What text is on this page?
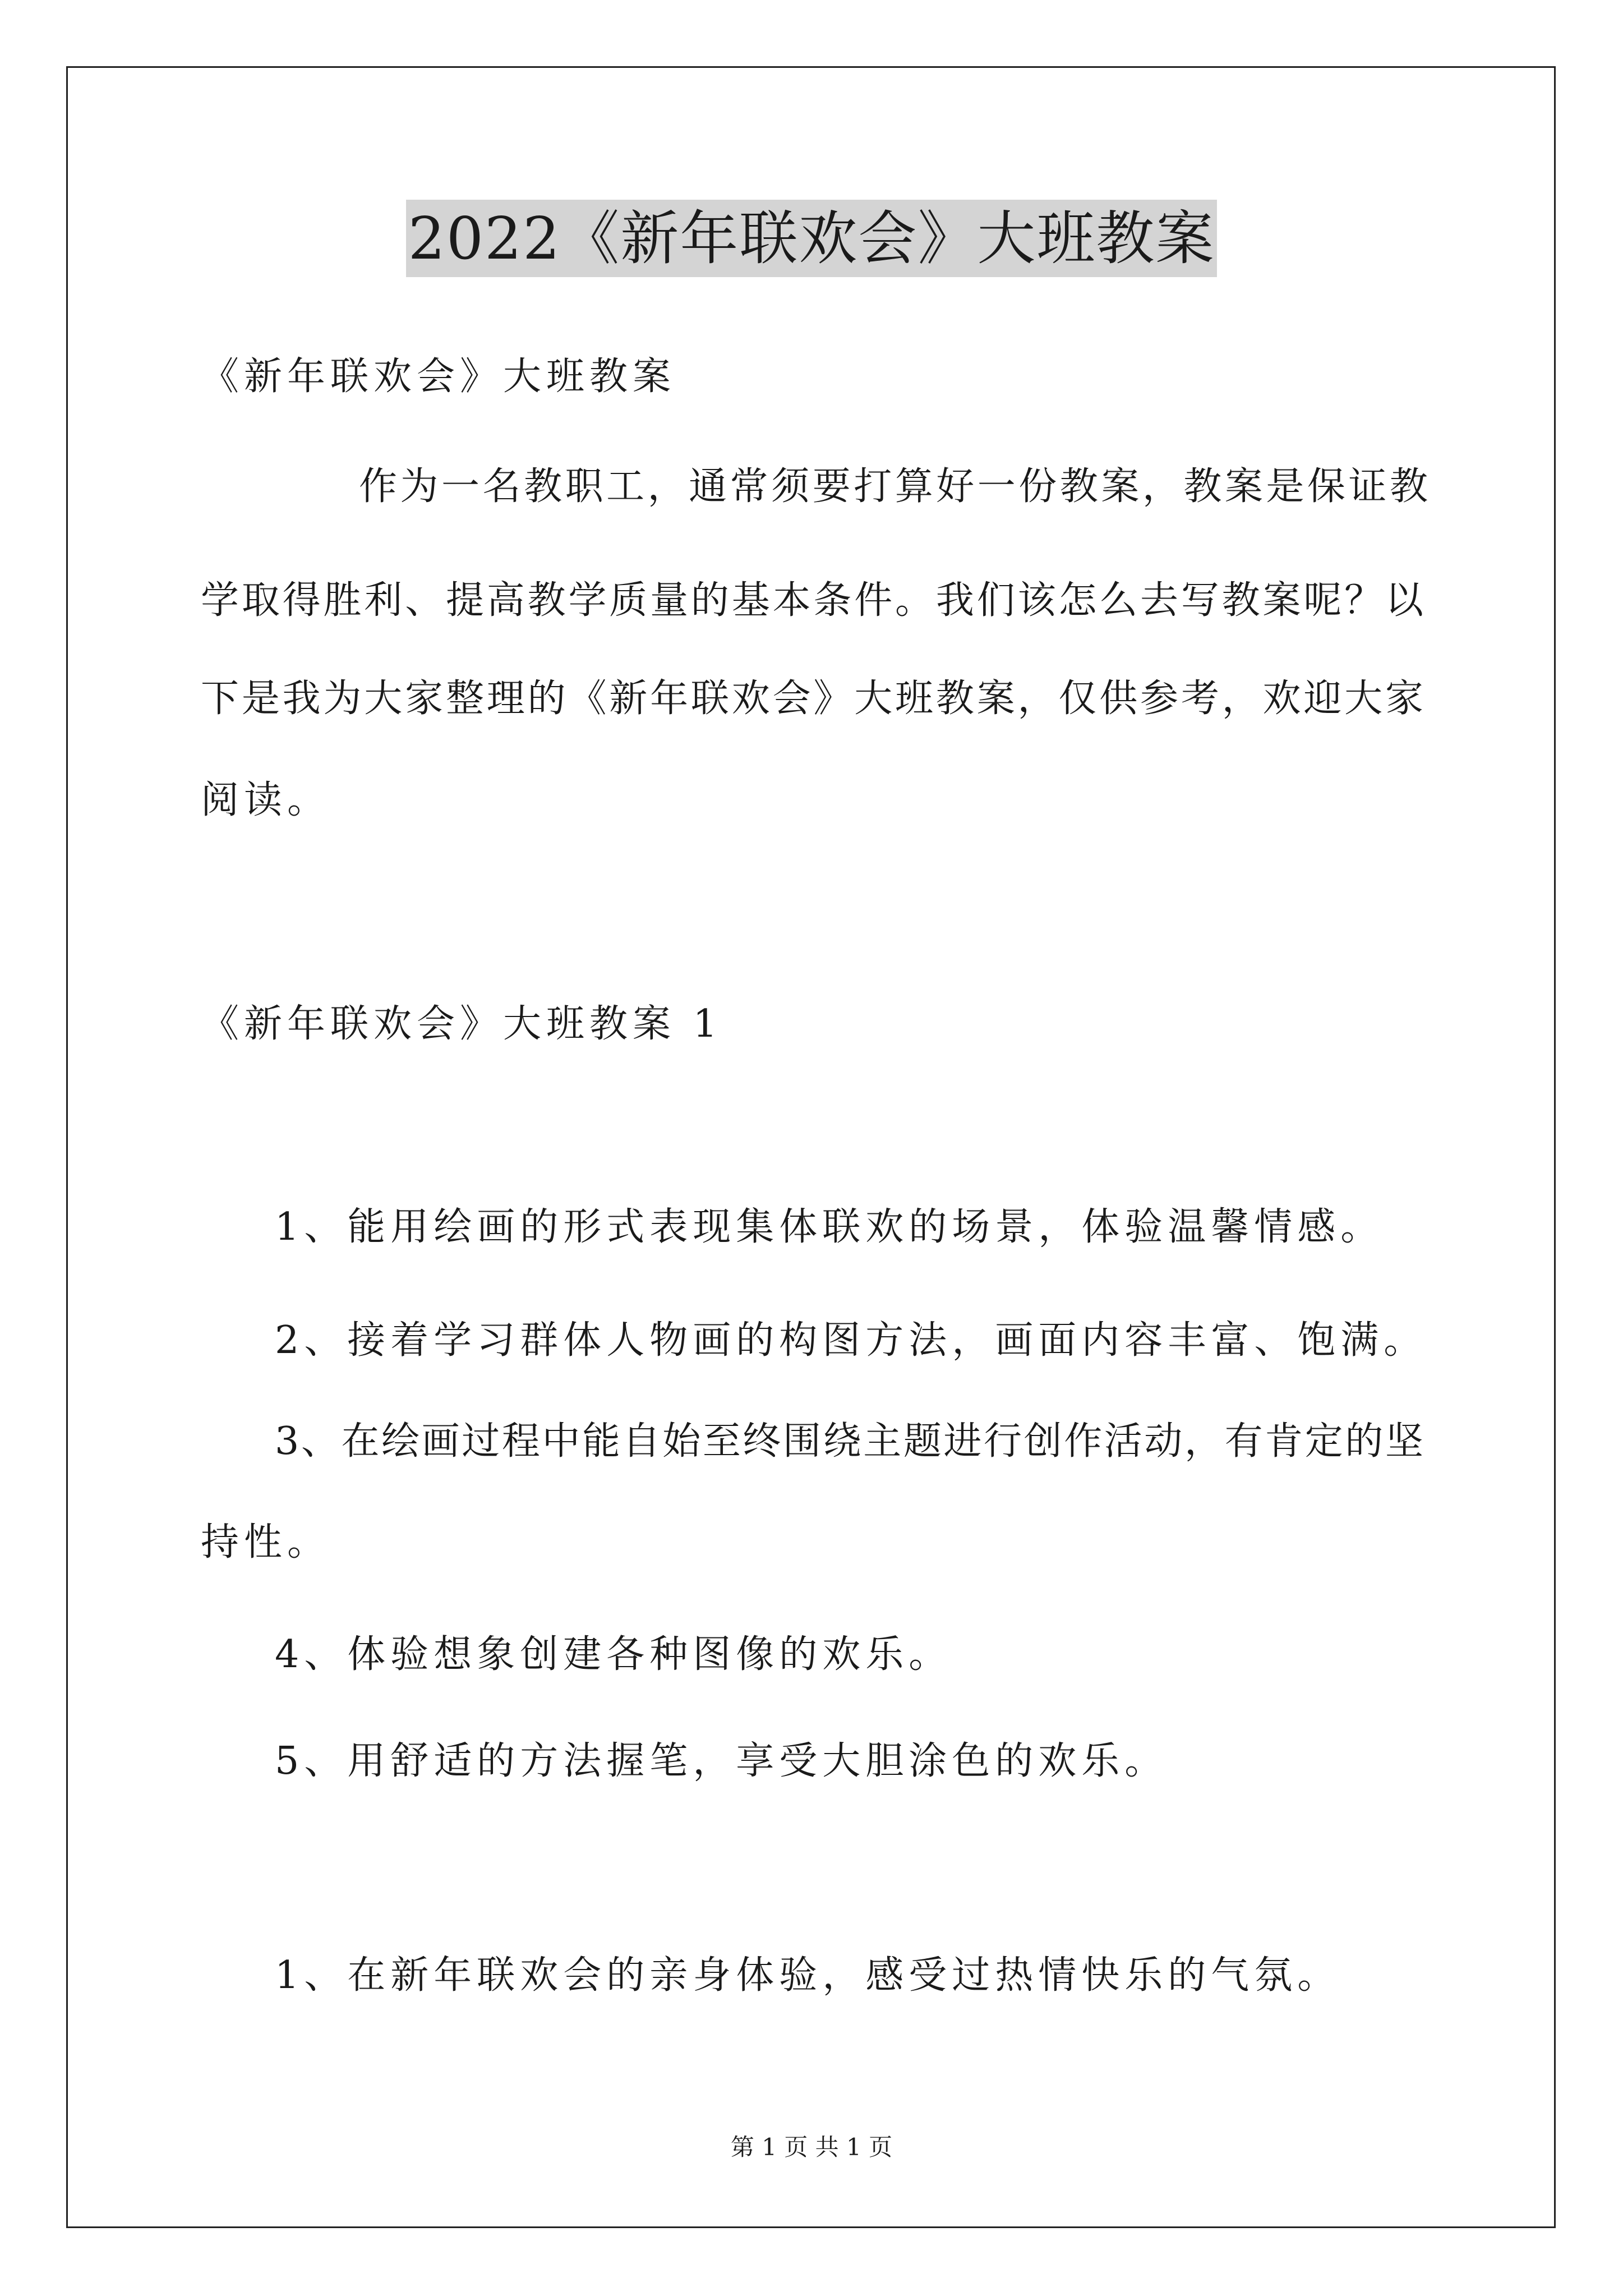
2022《新年联欢会》大班教案
《新年联欢会》大班教案
作为一名教职工，通常须要打算好一份教案，教案是保证教
学取得胜利、提高教学质量的基本条件。我们该怎么去写教案呢？以
下是我为大家整理的《新年联欢会》大班教案，仅供参考，欢迎大家
阅读。
《新年联欢会》大班教案 1
1、能用绘画的形式表现集体联欢的场景，体验温馨情感。
2、接着学习群体人物画的构图方法，画面内容丰富、饱满。
3、在绘画过程中能自始至终围绕主题进行创作活动，有肯定的坚
持性。
4、体验想象创建各种图像的欢乐。
5、用舒适的方法握笔，享受大胆涂色的欢乐。
1、在新年联欢会的亲身体验，感受过热情快乐的气氛。
第 1 页 共 1 页
